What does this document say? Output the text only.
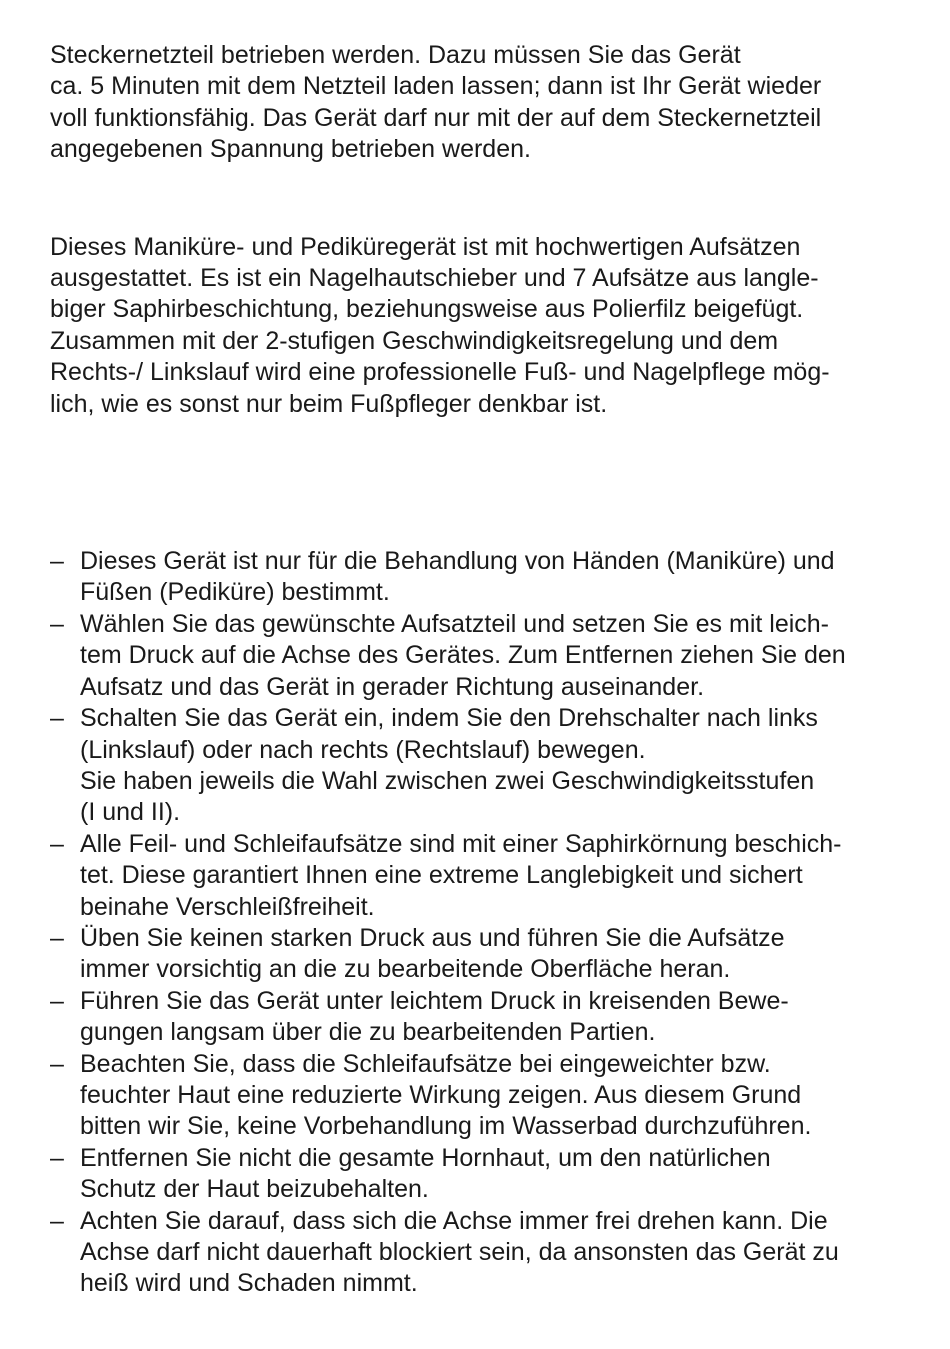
Steckernetzteil betrieben werden. Dazu müssen Sie das Gerät
ca. 5 Minuten mit dem Netzteil laden lassen; dann ist Ihr Gerät wieder
voll funktionsfähig. Das Gerät darf nur mit der auf dem Steckernetzteil
angegebenen Spannung betrieben werden.

Dieses Maniküre- und Pediküregerät ist mit hochwertigen Aufsätzen
ausgestattet. Es ist ein Nagelhautschieber und 7 Aufsätze aus langle-
biger Saphirbeschichtung, beziehungsweise aus Polierfilz beigefügt.
Zusammen mit der 2-stufigen Geschwindigkeitsregelung und dem
Rechts-/ Linkslauf wird eine professionelle Fuß- und Nagelpflege mög-
lich, wie es sonst nur beim Fußpfleger denkbar ist.

– Dieses Gerät ist nur für die Behandlung von Händen (Maniküre) und
Füßen (Pediküre) bestimmt.
– Wählen Sie das gewünschte Aufsatzteil und setzen Sie es mit leich-
tem Druck auf die Achse des Gerätes. Zum Entfernen ziehen Sie den
Aufsatz und das Gerät in gerader Richtung auseinander.
– Schalten Sie das Gerät ein, indem Sie den Drehschalter nach links
(Linkslauf) oder nach rechts (Rechtslauf) bewegen.
Sie haben jeweils die Wahl zwischen zwei Geschwindigkeitsstufen
(I und II).
– Alle Feil- und Schleifaufsätze sind mit einer Saphirkörnung beschich-
tet. Diese garantiert Ihnen eine extreme Langlebigkeit und sichert
beinahe Verschleißfreiheit.
– Üben Sie keinen starken Druck aus und führen Sie die Aufsätze
immer vorsichtig an die zu bearbeitende Oberfläche heran.
– Führen Sie das Gerät unter leichtem Druck in kreisenden Bewe-
gungen langsam über die zu bearbeitenden Partien.
– Beachten Sie, dass die Schleifaufsätze bei eingeweichter bzw.
feuchter Haut eine reduzierte Wirkung zeigen. Aus diesem Grund
bitten wir Sie, keine Vorbehandlung im Wasserbad durchzuführen.
– Entfernen Sie nicht die gesamte Hornhaut, um den natürlichen
Schutz der Haut beizubehalten.
– Achten Sie darauf, dass sich die Achse immer frei drehen kann. Die
Achse darf nicht dauerhaft blockiert sein, da ansonsten das Gerät zu
heiß wird und Schaden nimmt.
